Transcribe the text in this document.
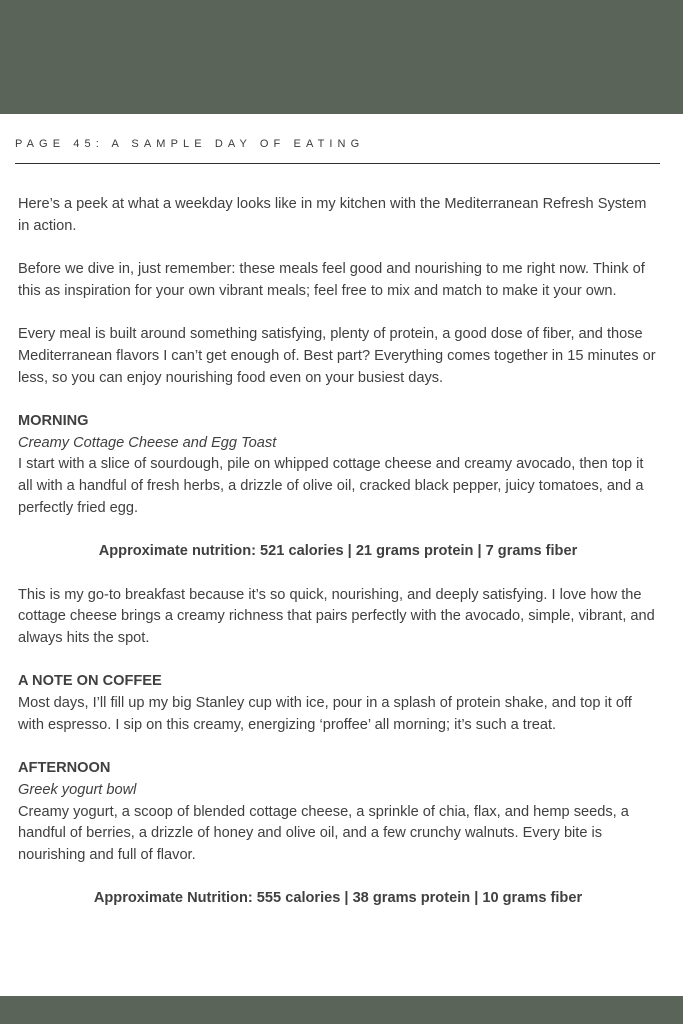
PAGE 45: A SAMPLE DAY OF EATING

Here’s a peek at what a weekday looks like in my kitchen with the Mediterranean Refresh System in action.

Before we dive in, just remember: these meals feel good and nourishing to me right now. Think of this as inspiration for your own vibrant meals; feel free to mix and match to make it your own.

Every meal is built around something satisfying, plenty of protein, a good dose of fiber, and those Mediterranean flavors I can’t get enough of. Best part? Everything comes together in 15 minutes or less, so you can enjoy nourishing food even on your busiest days.

MORNING
Creamy Cottage Cheese and Egg Toast
I start with a slice of sourdough, pile on whipped cottage cheese and creamy avocado, then top it all with a handful of fresh herbs, a drizzle of olive oil, cracked black pepper, juicy tomatoes, and a perfectly fried egg.

Approximate nutrition: 521 calories | 21 grams protein | 7 grams fiber

This is my go-to breakfast because it’s so quick, nourishing, and deeply satisfying. I love how the cottage cheese brings a creamy richness that pairs perfectly with the avocado, simple, vibrant, and always hits the spot.

A NOTE ON COFFEE
Most days, I’ll fill up my big Stanley cup with ice, pour in a splash of protein shake, and top it off with espresso. I sip on this creamy, energizing ‘proffee’ all morning; it’s such a treat.

AFTERNOON
Greek yogurt bowl
Creamy yogurt, a scoop of blended cottage cheese, a sprinkle of chia, flax, and hemp seeds, a handful of berries, a drizzle of honey and olive oil, and a few crunchy walnuts. Every bite is nourishing and full of flavor.

Approximate Nutrition: 555 calories | 38 grams protein | 10 grams fiber
